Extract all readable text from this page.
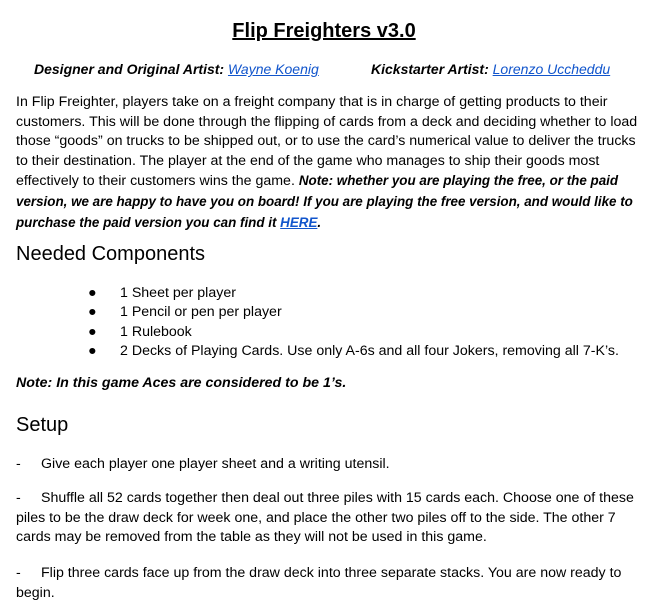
Flip Freighters v3.0
Designer and Original Artist: Wayne Koenig	Kickstarter Artist: Lorenzo Uccheddu
In Flip Freighter, players take on a freight company that is in charge of getting products to their customers. This will be done through the flipping of cards from a deck and deciding whether to load those “goods” on trucks to be shipped out, or to use the card’s numerical value to deliver the trucks to their destination. The player at the end of the game who manages to ship their goods most effectively to their customers wins the game. Note: whether you are playing the free, or the paid version, we are happy to have you on board! If you are playing the free version, and would like to purchase the paid version you can find it HERE.
Needed Components
● 1 Sheet per player
● 1 Pencil or pen per player
● 1 Rulebook
● 2 Decks of Playing Cards. Use only A-6s and all four Jokers, removing all 7-K’s.
Note: In this game Aces are considered to be 1’s.
Setup
- Give each player one player sheet and a writing utensil.
- Shuffle all 52 cards together then deal out three piles with 15 cards each. Choose one of these piles to be the draw deck for week one, and place the other two piles off to the side. The other 7 cards may be removed from the table as they will not be used in this game.
- Flip three cards face up from the draw deck into three separate stacks. You are now ready to begin.
